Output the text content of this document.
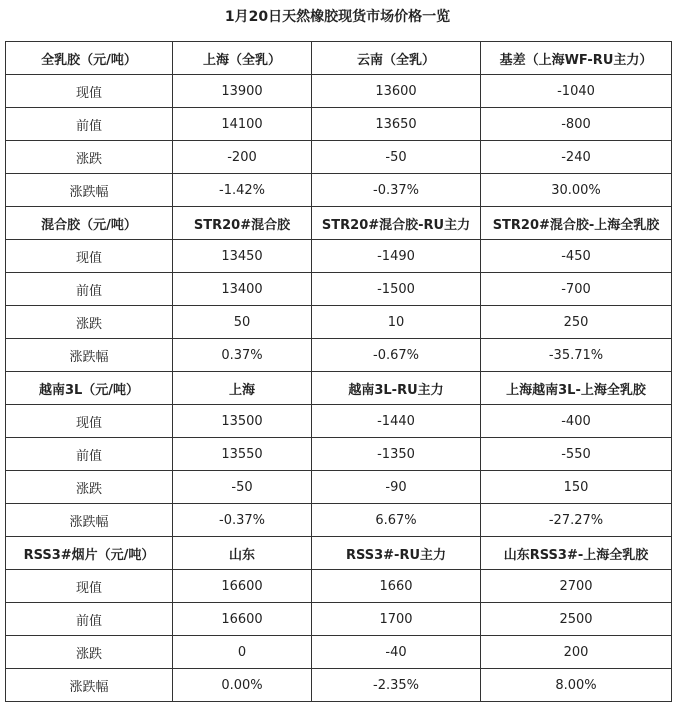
1月20日天然橡胶现货市场价格一览
全乳胶（元/吨）	上海（全乳）	云南（全乳）	基差（上海WF-RU主力）
现值	13900	13600	-1040
前值	14100	13650	-800
涨跌	-200	-50	-240
涨跌幅	-1.42%	-0.37%	30.00%
混合胶（元/吨）	STR20#混合胶	STR20#混合胶-RU主力	STR20#混合胶-上海全乳胶
现值	13450	-1490	-450
前值	13400	-1500	-700
涨跌	50	10	250
涨跌幅	0.37%	-0.67%	-35.71%
越南3L（元/吨）	上海	越南3L-RU主力	上海越南3L-上海全乳胶
现值	13500	-1440	-400
前值	13550	-1350	-550
涨跌	-50	-90	150
涨跌幅	-0.37%	6.67%	-27.27%
RSS3#烟片（元/吨）	山东	RSS3#-RU主力	山东RSS3#-上海全乳胶
现值	16600	1660	2700
前值	16600	1700	2500
涨跌	0	-40	200
涨跌幅	0.00%	-2.35%	8.00%
